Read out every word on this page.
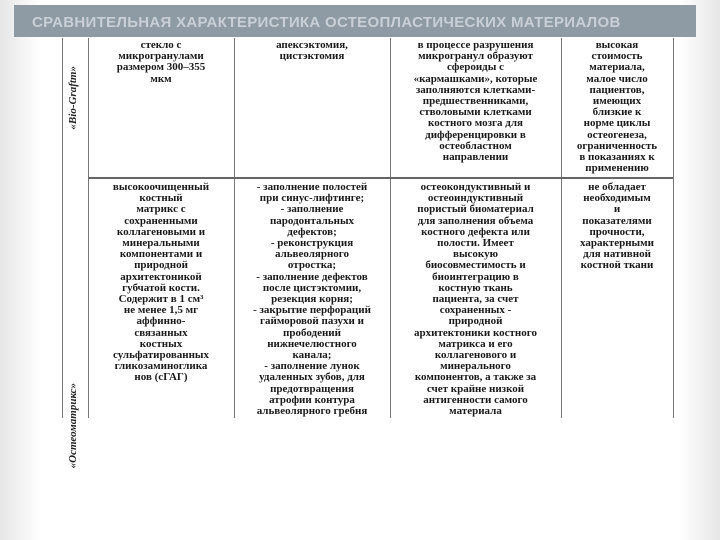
СРАВНИТЕЛЬНАЯ ХАРАКТЕРИСТИКА ОСТЕОПЛАСТИЧЕСКИХ МАТЕРИАЛОВ
«Bio-Graftm»
стекло с
микрогранулами
размером 300–355
мкм
апексэктомия,
цистэктомия
в процессе разрушения
микрогранул образуют
сфероиды с
«кармашками», которые
заполняются клетками-
предшественниками,
стволовыми клетками
костного мозга для
дифференцировки в
остеобластном
направлении
высокая
стоимость
материала,
малое число
пациентов,
имеющих
близкие к
норме циклы
остеогенеза,
ограниченность
в показаниях к
применению
«Остеоматрикс»
высокоочищенный
костный
матрикс с
сохраненными
коллагеновыми и
минеральными
компонентами и
природной
архитектоникой
губчатой кости.
Содержит в 1 см³
не менее 1,5 мг
аффинно-
связанных
костных
сульфатированных
гликозаминоглика
нов (сГАГ)
- заполнение полостей
при синус-лифтинге;
- заполнение
пародонтальных
дефектов;
- реконструкция
альвеолярного
отростка;
- заполнение дефектов
после цистэктомии,
резекция корня;
- закрытие перфораций
гайморовой пазухи и
прободений
нижнечелюстного
канала;
- заполнение лунок
удаленных зубов, для
предотвращения
атрофии контура
альвеолярного гребня
остеокондуктивный и
остеоиндуктивный
пористый биоматериал
для заполнения объема
костного дефекта или
полости. Имеет
высокую
биосовместимость и
биоинтеграцию в
костную ткань
пациента, за счет
сохраненных -
природной
архитектоники костного
матрикса и его
коллагенового и
минерального
компонентов, а также за
счет крайне низкой
антигенности самого
материала
не обладает
необходимым
и
показателями
прочности,
характерными
для нативной
костной ткани
